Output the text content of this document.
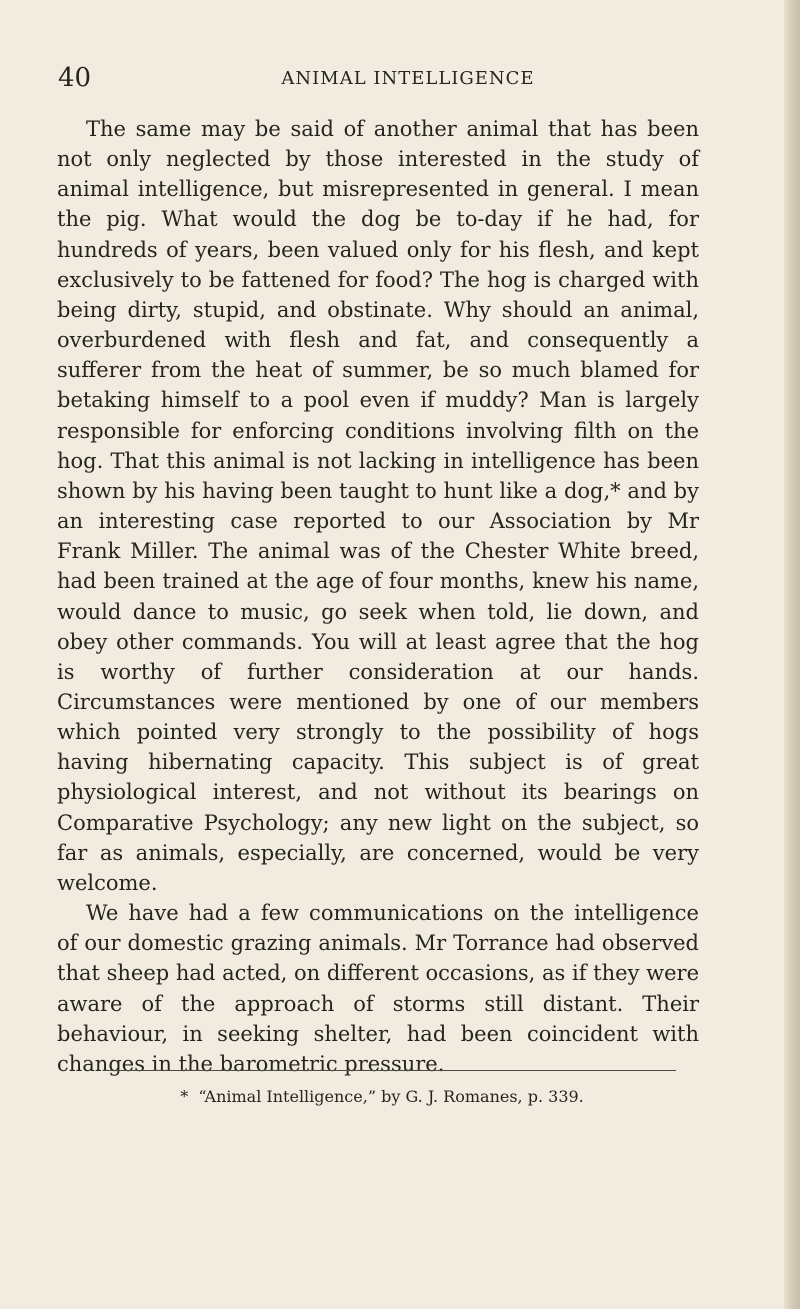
40	ANIMAL INTELLIGENCE

The same may be said of another animal that has been not only neglected by those interested in the study of animal intelligence, but misrepresented in general. I mean the pig. What would the dog be to-day if he had, for hundreds of years, been valued only for his flesh, and kept exclusively to be fattened for food? The hog is charged with being dirty, stupid, and obstinate. Why should an animal, overburdened with flesh and fat, and consequently a sufferer from the heat of summer, be so much blamed for betaking himself to a pool even if muddy? Man is largely responsible for enforcing conditions involving filth on the hog. That this animal is not lacking in intelligence has been shown by his having been taught to hunt like a dog,* and by an interesting case reported to our Association by Mr Frank Miller. The animal was of the Chester White breed, had been trained at the age of four months, knew his name, would dance to music, go seek when told, lie down, and obey other commands. You will at least agree that the hog is worthy of further consideration at our hands. Circumstances were mentioned by one of our members which pointed very strongly to the possibility of hogs having hibernating capacity. This subject is of great physiological interest, and not without its bearings on Comparative Psychology; any new light on the subject, so far as animals, especially, are concerned, would be very welcome.

We have had a few communications on the intelligence of our domestic grazing animals. Mr Torrance had observed that sheep had acted, on different occasions, as if they were aware of the approach of storms still distant. Their behaviour, in seeking shelter, had been coincident with changes in the barometric pressure.

* “Animal Intelligence,” by G. J. Romanes, p. 339.
